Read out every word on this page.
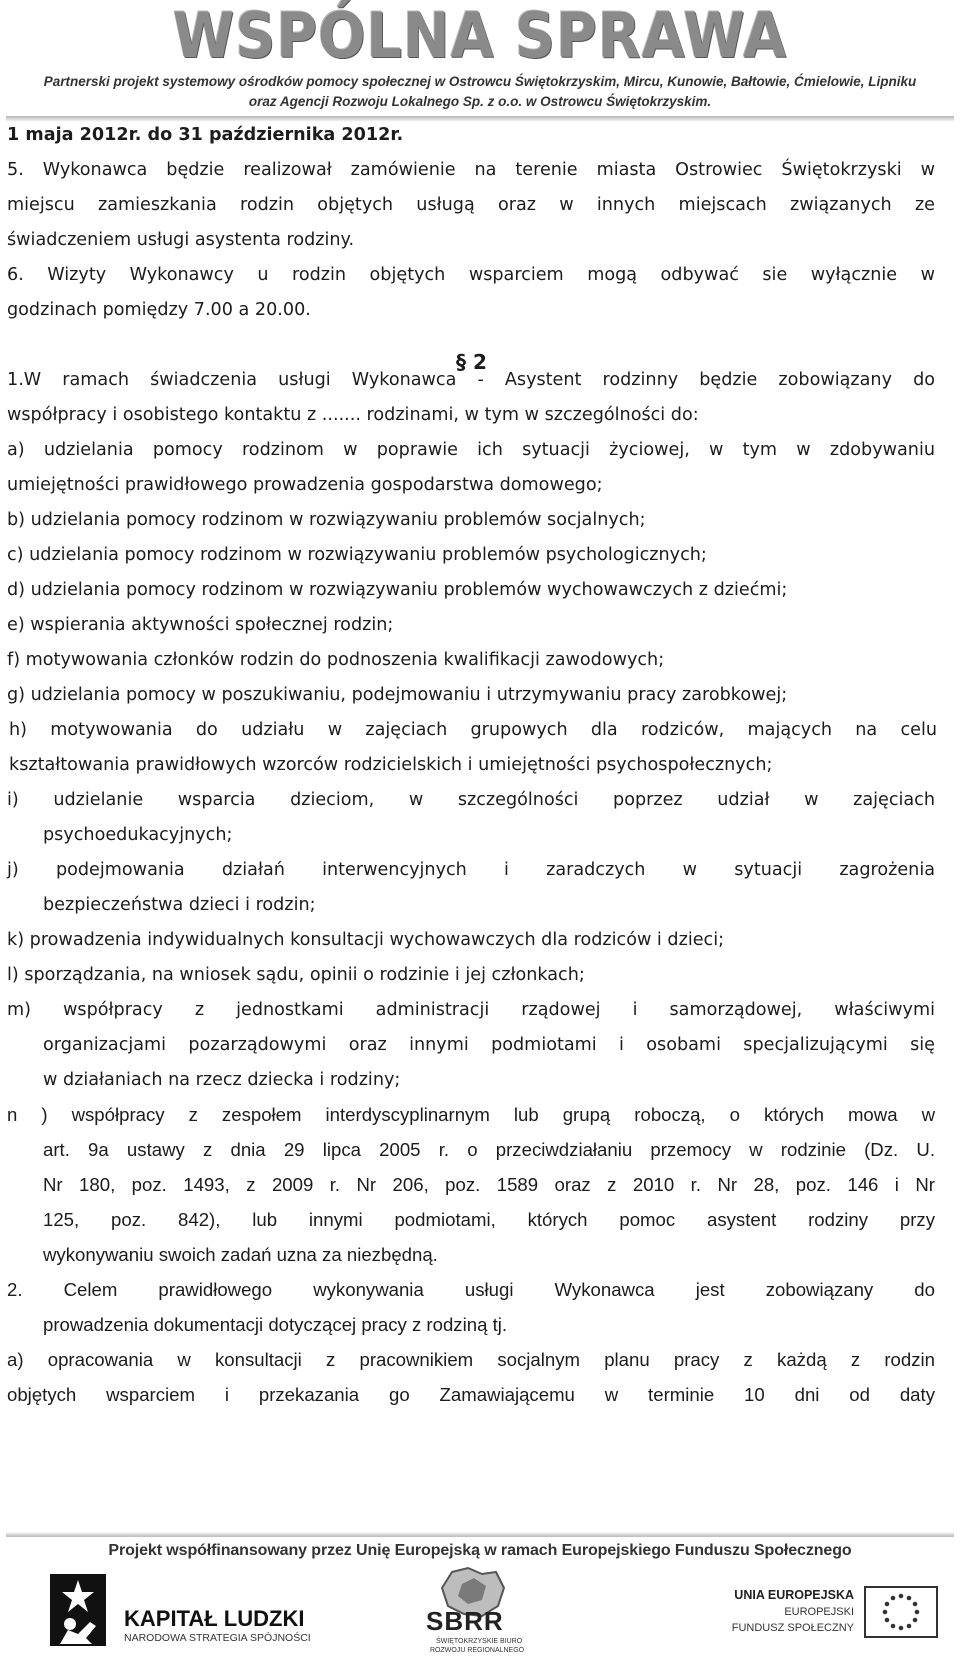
WSPÓLNA SPRAWA
Partnerski projekt systemowy ośrodków pomocy społecznej w Ostrowcu Świętokrzyskim, Mircu, Kunowie, Bałtowie, Ćmielowie, Lipniku
oraz Agencji Rozwoju Lokalnego Sp. z o.o. w Ostrowcu Świętokrzyskim.
1 maja 2012r. do 31 października 2012r.
5. Wykonawca będzie realizował zamówienie na terenie miasta Ostrowiec Świętokrzyski w
miejscu zamieszkania rodzin objętych usługą oraz w innych miejscach związanych ze
świadczeniem usługi asystenta rodziny.
6. Wizyty Wykonawcy u rodzin objętych wsparciem mogą odbywać sie wyłącznie w
godzinach pomiędzy 7.00 a 20.00.
1.W ramach świadczenia usługi Wykonawca - Asystent rodzinny będzie zobowiązany do
współpracy i osobistego kontaktu z ....... rodzinami, w tym w szczególności do:
a) udzielania pomocy rodzinom w poprawie ich sytuacji życiowej, w tym w zdobywaniu
umiejętności prawidłowego prowadzenia gospodarstwa domowego;
b) udzielania pomocy rodzinom w rozwiązywaniu problemów socjalnych;
c) udzielania pomocy rodzinom w rozwiązywaniu problemów psychologicznych;
d) udzielania pomocy rodzinom w rozwiązywaniu problemów wychowawczych z dziećmi;
e) wspierania aktywności społecznej rodzin;
f) motywowania członków rodzin do podnoszenia kwalifikacji zawodowych;
g) udzielania pomocy w poszukiwaniu, podejmowaniu i utrzymywaniu pracy zarobkowej;
h) motywowania do udziału w zajęciach grupowych dla rodziców, mających na celu
kształtowania prawidłowych wzorców rodzicielskich i umiejętności psychospołecznych;
i) udzielanie wsparcia dzieciom, w szczególności poprzez udział w zajęciach
psychoedukacyjnych;
j) podejmowania działań interwencyjnych i zaradczych w sytuacji zagrożenia
bezpieczeństwa dzieci i rodzin;
k) prowadzenia indywidualnych konsultacji wychowawczych dla rodziców i dzieci;
l) sporządzania, na wniosek sądu, opinii o rodzinie i jej członkach;
m) współpracy z jednostkami administracji rządowej i samorządowej, właściwymi
organizacjami pozarządowymi oraz innymi podmiotami i osobami specjalizującymi się
w działaniach na rzecz dziecka i rodziny;
n ) współpracy z zespołem interdyscyplinarnym lub grupą roboczą, o których mowa w
art. 9a ustawy z dnia 29 lipca 2005 r. o przeciwdziałaniu przemocy w rodzinie (Dz. U.
Nr 180, poz. 1493, z 2009 r. Nr 206, poz. 1589 oraz z 2010 r. Nr 28, poz. 146 i Nr
125, poz. 842), lub innymi podmiotami, których pomoc asystent rodziny przy
wykonywaniu swoich zadań uzna za niezbędną.
2. Celem prawidłowego wykonywania usługi Wykonawca jest zobowiązany do
prowadzenia dokumentacji dotyczącej pracy z rodziną tj.
a) opracowania w konsultacji z pracownikiem socjalnym planu pracy z każdą z rodzin
objętych wsparciem i przekazania go Zamawiającemu w terminie 10 dni od daty
§ 2
Projekt współfinansowany przez Unię Europejską w ramach Europejskiego Funduszu Społecznego
KAPITAŁ LUDZKI
NARODOWA STRATEGIA SPÓJNOŚCI
SBRR
ŚWIĘTOKRZYSKIE BIURO
ROZWOJU REGIONALNEGO
UNIA EUROPEJSKA
EUROPEJSKI
FUNDUSZ SPOŁECZNY
